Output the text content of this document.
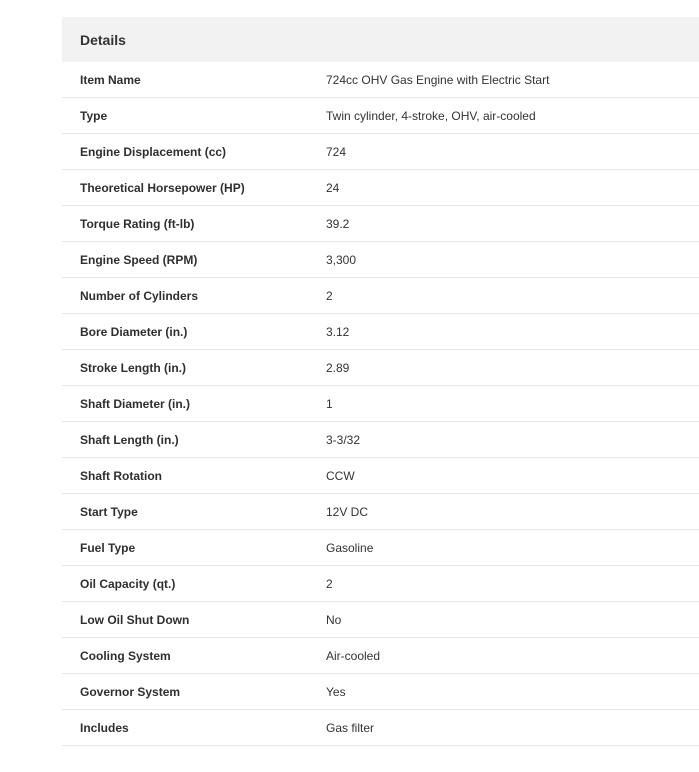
Details
Item Name	724cc OHV Gas Engine with Electric Start
Type	Twin cylinder, 4-stroke, OHV, air-cooled
Engine Displacement (cc)	724
Theoretical Horsepower (HP)	24
Torque Rating (ft-lb)	39.2
Engine Speed (RPM)	3,300
Number of Cylinders	2
Bore Diameter (in.)	3.12
Stroke Length (in.)	2.89
Shaft Diameter (in.)	1
Shaft Length (in.)	3-3/32
Shaft Rotation	CCW
Start Type	12V DC
Fuel Type	Gasoline
Oil Capacity (qt.)	2
Low Oil Shut Down	No
Cooling System	Air-cooled
Governor System	Yes
Includes	Gas filter
